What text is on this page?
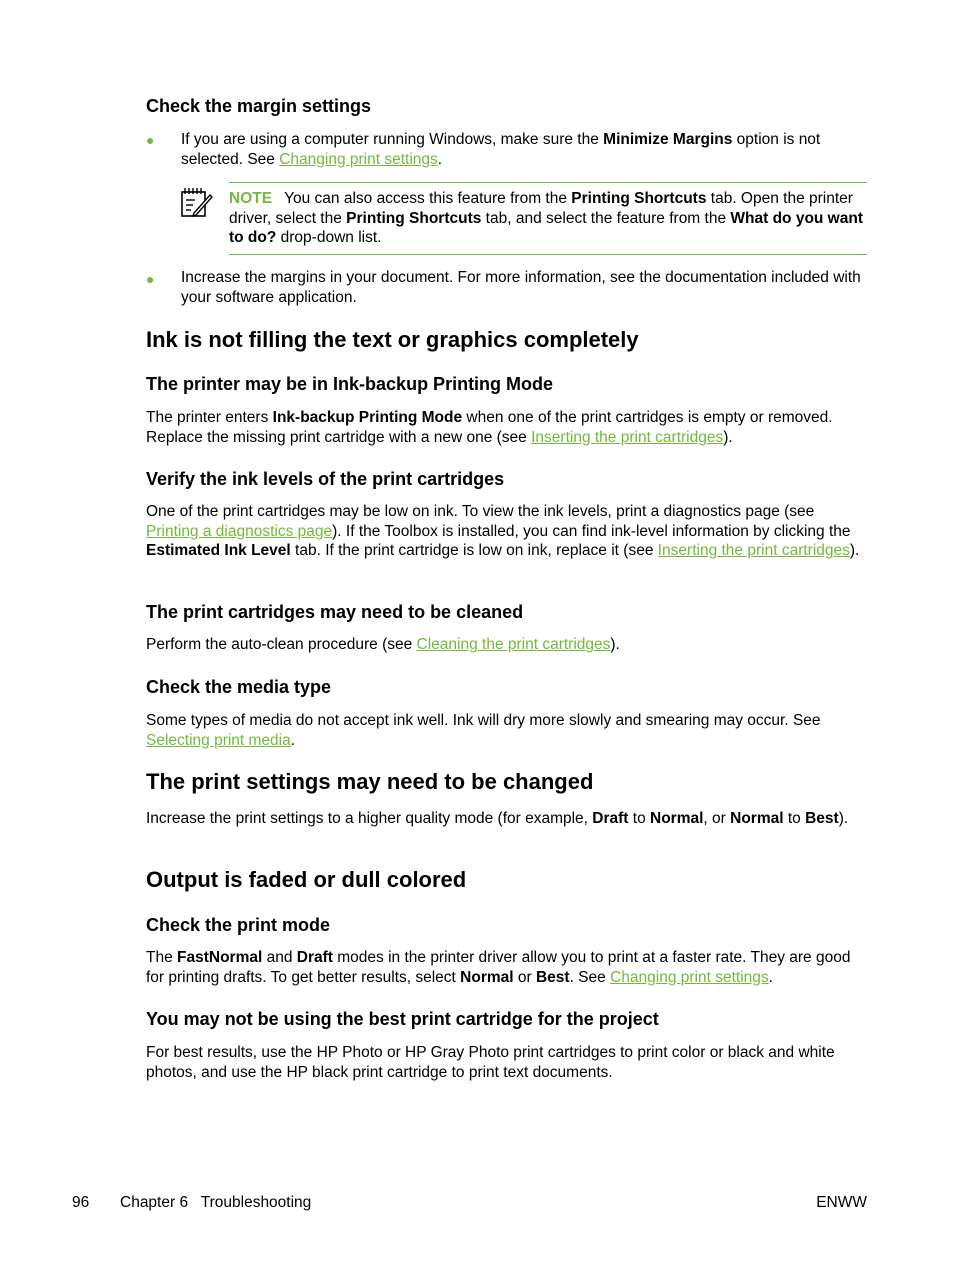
Check the margin settings
● If you are using a computer running Windows, make sure the Minimize Margins option is not selected. See Changing print settings.
NOTE You can also access this feature from the Printing Shortcuts tab. Open the printer driver, select the Printing Shortcuts tab, and select the feature from the What do you want to do? drop-down list.
● Increase the margins in your document. For more information, see the documentation included with your software application.
Ink is not filling the text or graphics completely
The printer may be in Ink-backup Printing Mode
The printer enters Ink-backup Printing Mode when one of the print cartridges is empty or removed. Replace the missing print cartridge with a new one (see Inserting the print cartridges).
Verify the ink levels of the print cartridges
One of the print cartridges may be low on ink. To view the ink levels, print a diagnostics page (see Printing a diagnostics page). If the Toolbox is installed, you can find ink-level information by clicking the Estimated Ink Level tab. If the print cartridge is low on ink, replace it (see Inserting the print cartridges).
The print cartridges may need to be cleaned
Perform the auto-clean procedure (see Cleaning the print cartridges).
Check the media type
Some types of media do not accept ink well. Ink will dry more slowly and smearing may occur. See Selecting print media.
The print settings may need to be changed
Increase the print settings to a higher quality mode (for example, Draft to Normal, or Normal to Best).
Output is faded or dull colored
Check the print mode
The FastNormal and Draft modes in the printer driver allow you to print at a faster rate. They are good for printing drafts. To get better results, select Normal or Best. See Changing print settings.
You may not be using the best print cartridge for the project
For best results, use the HP Photo or HP Gray Photo print cartridges to print color or black and white photos, and use the HP black print cartridge to print text documents.
96 Chapter 6   Troubleshooting	ENWW
